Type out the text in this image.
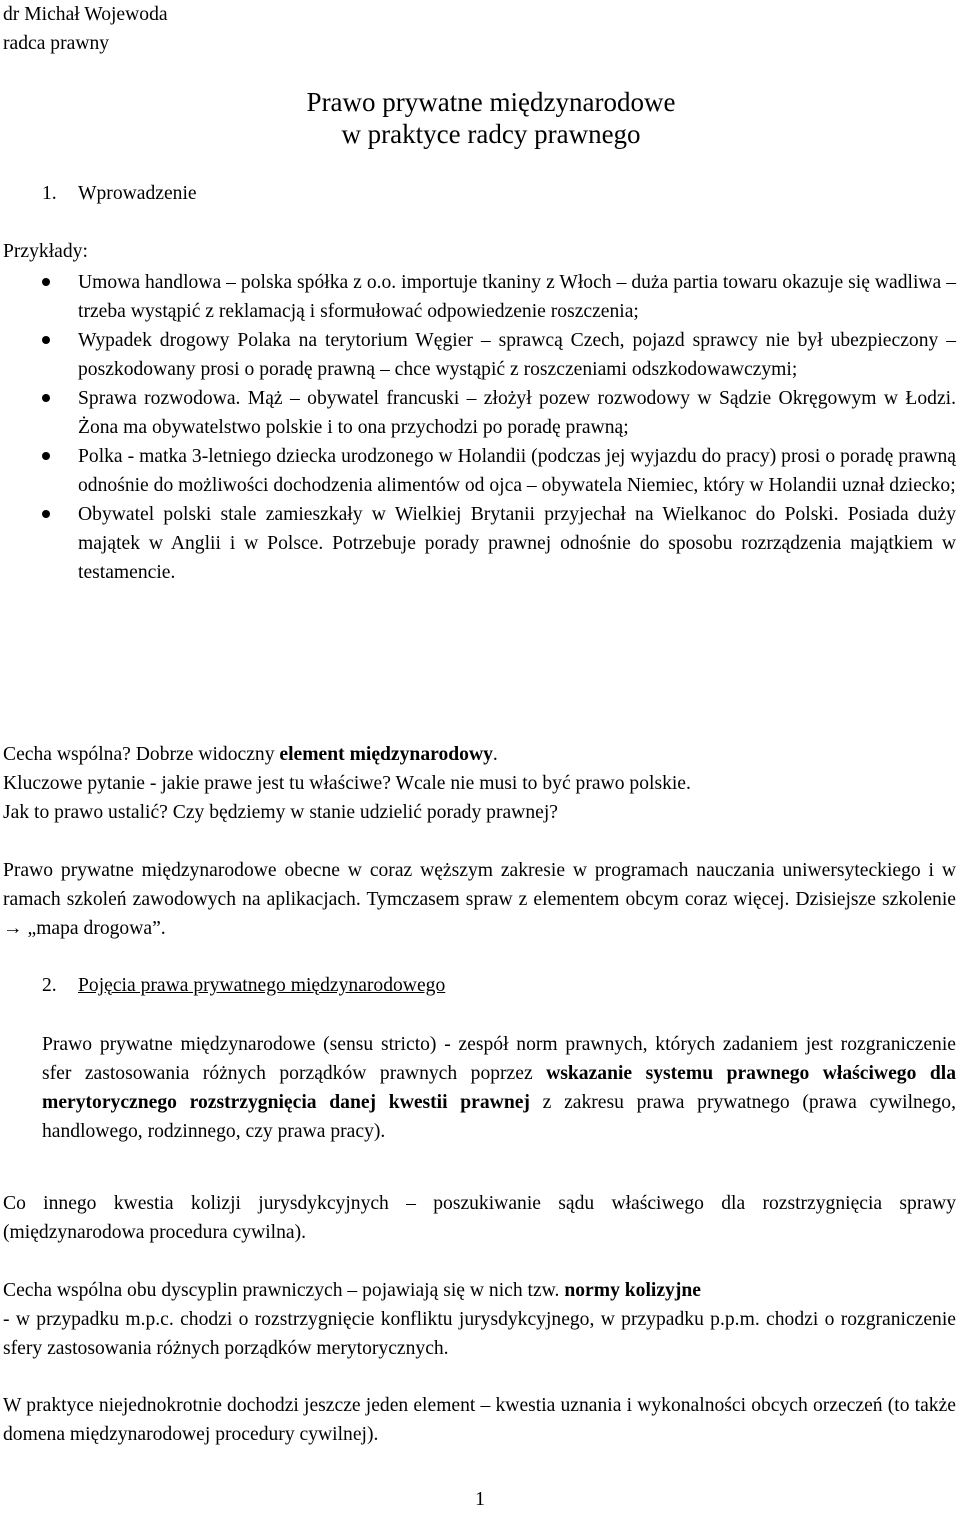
dr Michał Wojewoda
radca prawny
Prawo prywatne międzynarodowe
w praktyce radcy prawnego
1. Wprowadzenie
Przykłady:
Umowa handlowa – polska spółka z o.o. importuje tkaniny z Włoch – duża partia towaru okazuje się wadliwa – trzeba wystąpić z reklamacją i sformułować odpowiedzenie roszczenia;
Wypadek drogowy Polaka na terytorium Węgier – sprawcą Czech, pojazd sprawcy nie był ubezpieczony – poszkodowany prosi o poradę prawną – chce wystąpić z roszczeniami odszkodowawczymi;
Sprawa rozwodowa. Mąż – obywatel francuski – złożył pozew rozwodowy w Sądzie Okręgowym w Łodzi. Żona ma obywatelstwo polskie i to ona przychodzi po poradę prawną;
Polka - matka 3-letniego dziecka urodzonego w Holandii (podczas jej wyjazdu do pracy) prosi o poradę prawną odnośnie do możliwości dochodzenia alimentów od ojca – obywatela Niemiec, który w Holandii uznał dziecko;
Obywatel polski stale zamieszkały w Wielkiej Brytanii przyjechał na Wielkanoc do Polski. Posiada duży majątek w Anglii i w Polsce. Potrzebuje porady prawnej odnośnie do sposobu rozrządzenia majątkiem w testamencie.

Cecha wspólna? Dobrze widoczny element międzynarodowy.

Kluczowe pytanie - jakie prawe jest tu właściwe? Wcale nie musi to być prawo polskie.

Jak to prawo ustalić? Czy będziemy w stanie udzielić porady prawnej?

Prawo prywatne międzynarodowe obecne w coraz węższym zakresie w programach nauczania uniwersyteckiego i w ramach szkoleń zawodowych na aplikacjach. Tymczasem spraw z elementem obcym coraz więcej. Dzisiejsze szkolenie → „mapa drogowa”.

2. Pojęcia prawa prywatnego międzynarodowego

Prawo prywatne międzynarodowe (sensu stricto) - zespół norm prawnych, których zadaniem jest rozgraniczenie sfer zastosowania różnych porządków prawnych poprzez wskazanie systemu prawnego właściwego dla merytorycznego rozstrzygnięcia danej kwestii prawnej z zakresu prawa prywatnego (prawa cywilnego, handlowego, rodzinnego, czy prawa pracy).

Co innego kwestia kolizji jurysdykcyjnych – poszukiwanie sądu właściwego dla rozstrzygnięcia sprawy (międzynarodowa procedura cywilna).

Cecha wspólna obu dyscyplin prawniczych – pojawiają się w nich tzw. normy kolizyjne

- w przypadku m.p.c. chodzi o rozstrzygnięcie konfliktu jurysdykcyjnego, w przypadku p.p.m. chodzi o rozgraniczenie sfery zastosowania różnych porządków merytorycznych.

W praktyce niejednokrotnie dochodzi jeszcze jeden element – kwestia uznania i wykonalności obcych orzeczeń (to także domena międzynarodowej procedury cywilnej).

1
